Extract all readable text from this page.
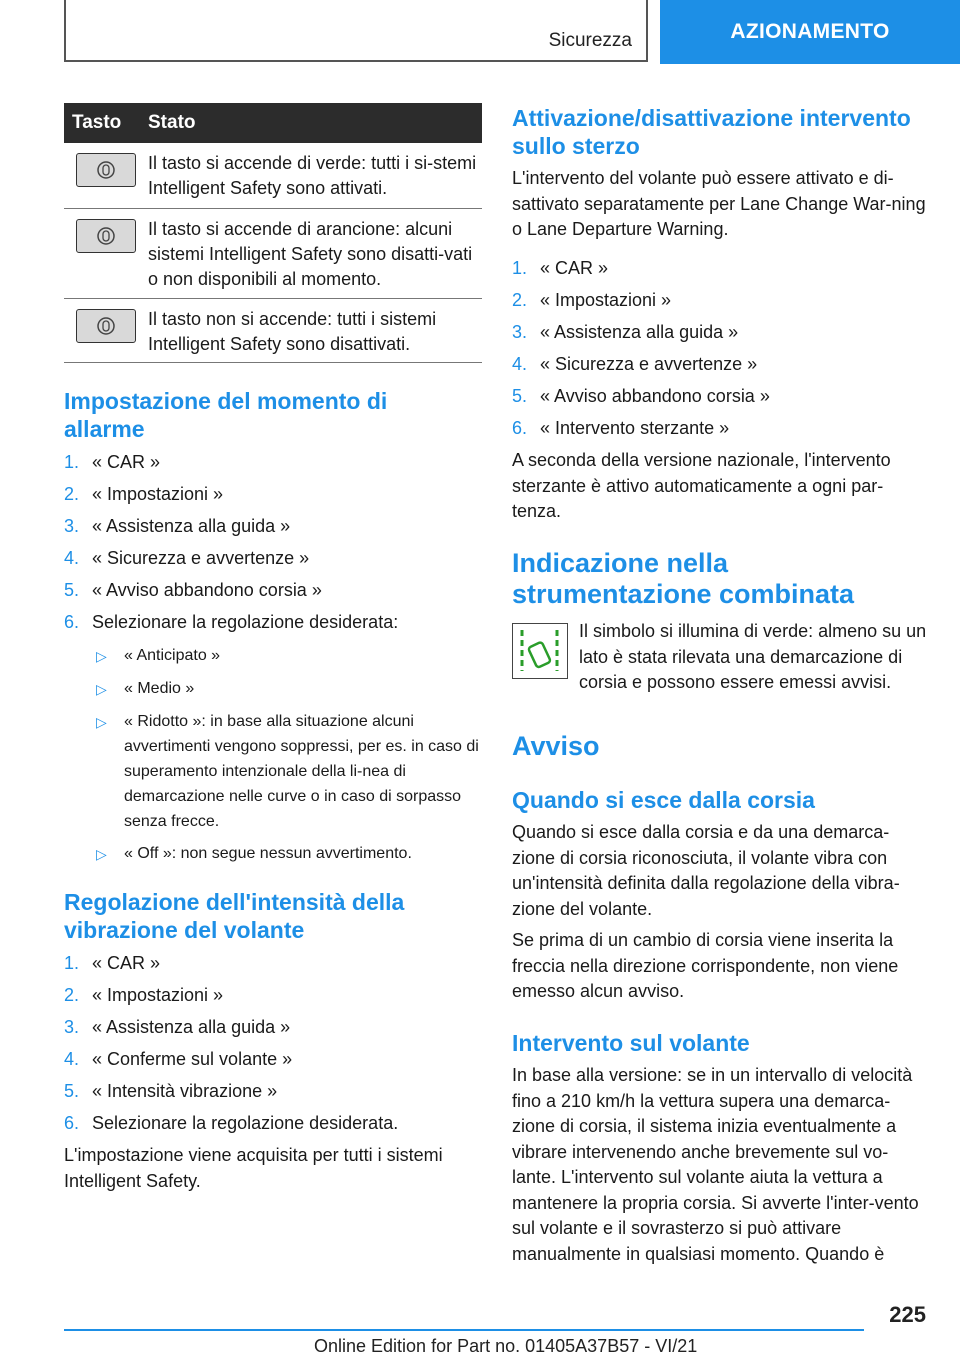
Sicurezza	AZIONAMENTO
Tasto	Stato
Il tasto si accende di verde: tutti i si-stemi Intelligent Safety sono attivati.
Il tasto si accende di arancione: alcuni sistemi Intelligent Safety sono disatti-vati o non disponibili al momento.
Il tasto non si accende: tutti i sistemi Intelligent Safety sono disattivati.
Impostazione del momento di allarme
1. « CAR »
2. « Impostazioni »
3. « Assistenza alla guida »
4. « Sicurezza e avvertenze »
5. « Avviso abbandono corsia »
6. Selezionare la regolazione desiderata:
▷	« Anticipato »
▷	« Medio »
▷	« Ridotto »: in base alla situazione alcuni avvertimenti vengono soppressi, per es. in caso di superamento intenzionale della li-nea di demarcazione nelle curve o in caso di sorpasso senza frecce.
▷	« Off »: non segue nessun avvertimento.
Regolazione dell'intensità della vibrazione del volante
1. « CAR »
2. « Impostazioni »
3. « Assistenza alla guida »
4. « Conferme sul volante »
5. « Intensità vibrazione »
6. Selezionare la regolazione desiderata.

L'impostazione viene acquisita per tutti i sistemi Intelligent Safety.

Attivazione/disattivazione intervento sullo sterzo

L'intervento del volante può essere attivato e di-sattivato separatamente per Lane Change War-ning o Lane Departure Warning.

1. « CAR »
2. « Impostazioni »
3. « Assistenza alla guida »
4. « Sicurezza e avvertenze »
5. « Avviso abbandono corsia »
6. « Intervento sterzante »

A seconda della versione nazionale, l'intervento sterzante è attivo automaticamente a ogni par-tenza.

Indicazione nella strumentazione combinata

Il simbolo si illumina di verde: almeno su un lato è stata rilevata una demarcazione di corsia e possono essere emessi avvisi.

Avviso
Quando si esce dalla corsia

Quando si esce dalla corsia e da una demarca-zione di corsia riconosciuta, il volante vibra con un'intensità definita dalla regolazione della vibra-zione del volante.

Se prima di un cambio di corsia viene inserita la freccia nella direzione corrispondente, non viene emesso alcun avviso.

Intervento sul volante

In base alla versione: se in un intervallo di velocità fino a 210 km/h la vettura supera una demarca-zione di corsia, il sistema inizia eventualmente a vibrare intervenendo anche brevemente sul vo-lante. L'intervento sul volante aiuta la vettura a mantenere la propria corsia. Si avverte l'inter-vento sul volante e il sovrasterzo si può attivare manualmente in qualsiasi momento. Quando è

225
Online Edition for Part no. 01405A37B57 - VI/21
